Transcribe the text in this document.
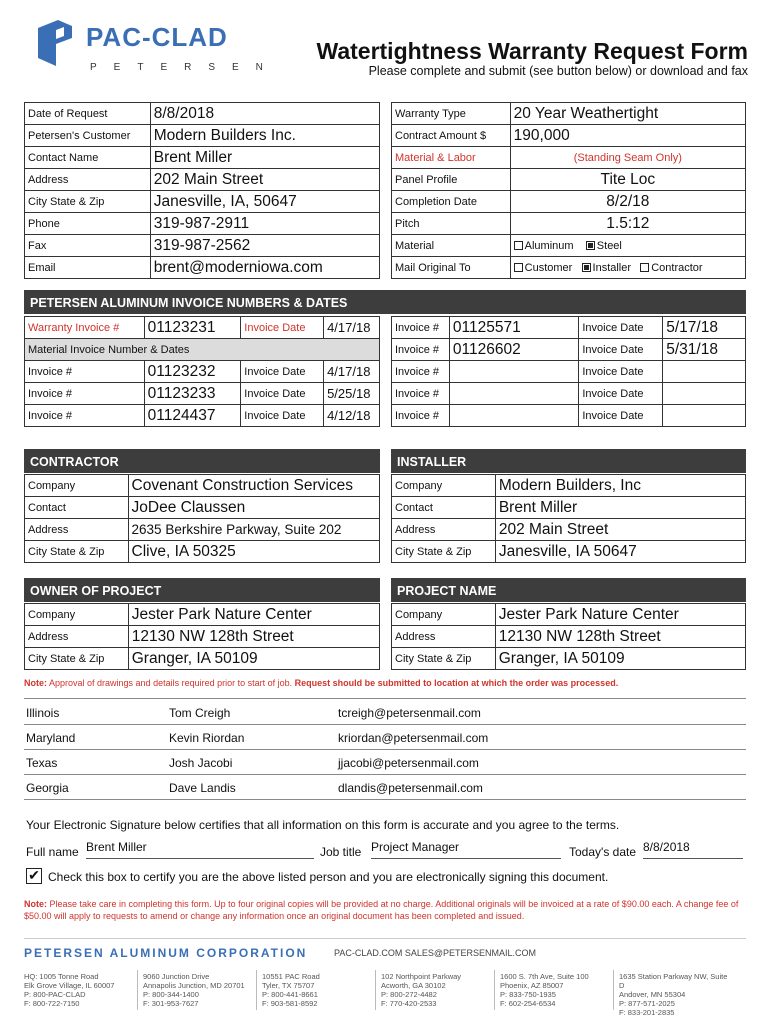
PAC-CLAD
PETERSEN
Watertightness Warranty Request Form
Please complete and submit (see button below) or download and fax
Date of Request	8/8/2018
Petersen's Customer	Modern Builders Inc.
Contact Name	Brent Miller
Address	202 Main Street
City State & Zip	Janesville, IA, 50647
Phone	319-987-2911
Fax	319-987-2562
Email	brent@moderniowa.com
Warranty Type	20 Year Weathertight
Contract Amount $	190,000
Material & Labor	(Standing Seam Only)
Panel Profile	Tite Loc
Completion Date	8/2/18
Pitch	1.5:12
Material	Aluminum Steel
Mail Original To	Customer Installer Contractor
PETERSEN ALUMINUM INVOICE NUMBERS & DATES
Warranty Invoice #	01123231	Invoice Date	4/17/18
Material Invoice Number & Dates			
Invoice #	01123232	Invoice Date	4/17/18
Invoice #	01123233	Invoice Date	5/25/18
Invoice #	01124437	Invoice Date	4/12/18
Invoice #	01125571	Invoice Date	5/17/18
Invoice #	01126602	Invoice Date	5/31/18
Invoice #		Invoice Date	
Invoice #		Invoice Date	
Invoice #		Invoice Date	
CONTRACTOR
Company	Covenant Construction Services
Contact	JoDee Claussen
Address	2635 Berkshire Parkway, Suite 202
City State & Zip	Clive, IA 50325
INSTALLER
Company	Modern Builders, Inc
Contact	Brent Miller
Address	202 Main Street
City State & Zip	Janesville, IA 50647
OWNER OF PROJECT
Company	Jester Park Nature Center
Address	12130 NW 128th Street
City State & Zip	Granger, IA 50109
PROJECT NAME
Company	Jester Park Nature Center
Address	12130 NW 128th Street
City State & Zip	Granger, IA 50109
Note: Approval of drawings and details required prior to start of job. Request should be submitted to location at which the order was processed.
Illinois	Tom Creigh	tcreigh@petersenmail.com
Maryland	Kevin Riordan	kriordan@petersenmail.com
Texas	Josh Jacobi	jjacobi@petersenmail.com
Georgia	Dave Landis	dlandis@petersenmail.com
Your Electronic Signature below certifies that all information on this form is accurate and you agree to the terms.
Full name Brent Miller	Job title Project Manager	Today's date 8/8/2018
✔ Check this box to certify you are the above listed person and you are electronically signing this document.
Note: Please take care in completing this form. Up to four original copies will be provided at no charge. Additional originals will be invoiced at a rate of $90.00 each. A change fee of $50.00 will apply to requests to amend or change any information once an original document has been completed and issued.
PETERSEN ALUMINUM CORPORATION	PAC-CLAD.COM SALES@PETERSENMAIL.COM
HQ: 1005 Tonne Road
Elk Grove Village, IL 60007
P: 800-PAC-CLAD
F: 800-722-7150
9060 Junction Drive
Annapolis Junction, MD 20701
P: 800-344-1400
F: 301-953-7627
10551 PAC Road
Tyler, TX 75707
P: 800-441-8661
F: 903-581-8592
102 Northpoint Parkway
Acworth, GA 30102
P: 800-272-4482
F: 770-420-2533
1600 S. 7th Ave, Suite 100
Phoenix, AZ 85007
P: 833-750-1935
F: 602-254-6534
1635 Station Parkway NW, Suite D
Andover, MN 55304
P: 877-571-2025
F: 833-201-2835
